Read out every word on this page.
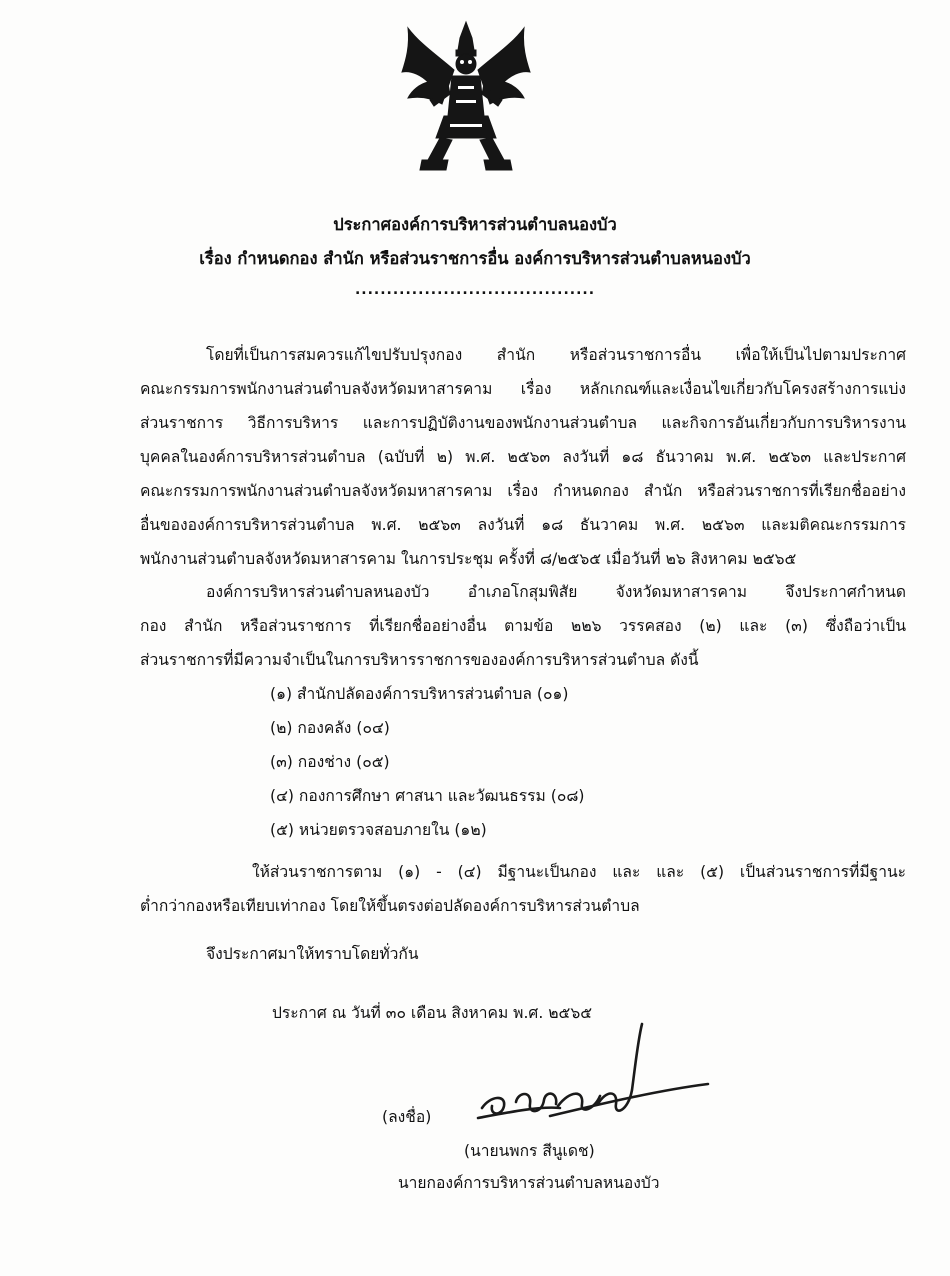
ประกาศองค์การบริหารส่วนตำบลนองบัว
เรื่อง กำหนดกอง สำนัก หรือส่วนราชการอื่น องค์การบริหารส่วนตำบลหนองบัว
......................................
โดยที่เป็นการสมควรแก้ไขปรับปรุงกอง สำนัก หรือส่วนราชการอื่น เพื่อให้เป็นไปตามประกาศ
คณะกรรมการพนักงานส่วนตำบลจังหวัดมหาสารคาม เรื่อง หลักเกณฑ์และเงื่อนไขเกี่ยวกับโครงสร้างการแบ่ง
ส่วนราชการ วิธีการบริหาร และการปฏิบัติงานของพนักงานส่วนตำบล และกิจการอันเกี่ยวกับการบริหารงาน
บุคคลในองค์การบริหารส่วนตำบล (ฉบับที่ ๒) พ.ศ. ๒๕๖๓ ลงวันที่ ๑๘ ธันวาคม พ.ศ. ๒๕๖๓ และประกาศ
คณะกรรมการพนักงานส่วนตำบลจังหวัดมหาสารคาม เรื่อง กำหนดกอง สำนัก หรือส่วนราชการที่เรียกชื่ออย่าง
อื่นขององค์การบริหารส่วนตำบล พ.ศ. ๒๕๖๓ ลงวันที่ ๑๘ ธันวาคม พ.ศ. ๒๕๖๓ และมติคณะกรรมการ
พนักงานส่วนตำบลจังหวัดมหาสารคาม ในการประชุม ครั้งที่ ๘/๒๕๖๕ เมื่อวันที่ ๒๖ สิงหาคม ๒๕๖๕
องค์การบริหารส่วนตำบลหนองบัว อำเภอโกสุมพิสัย จังหวัดมหาสารคาม จึงประกาศกำหนด
กอง สำนัก หรือส่วนราชการ ที่เรียกชื่ออย่างอื่น ตามข้อ ๒๒๖ วรรคสอง (๒) และ (๓) ซึ่งถือว่าเป็น
ส่วนราชการที่มีความจำเป็นในการบริหารราชการขององค์การบริหารส่วนตำบล ดังนี้
(๑) สำนักปลัดองค์การบริหารส่วนตำบล (๐๑)
(๒) กองคลัง (๐๔)
(๓) กองช่าง (๐๕)
(๔) กองการศึกษา ศาสนา และวัฒนธรรม (๐๘)
(๕) หน่วยตรวจสอบภายใน (๑๒)
ให้ส่วนราชการตาม (๑) - (๔) มีฐานะเป็นกอง และ และ (๕) เป็นส่วนราชการที่มีฐานะ
ต่ำกว่ากองหรือเทียบเท่ากอง โดยให้ขึ้นตรงต่อปลัดองค์การบริหารส่วนตำบล
จึงประกาศมาให้ทราบโดยทั่วกัน
ประกาศ ณ วันที่ ๓๐ เดือน สิงหาคม พ.ศ. ๒๕๖๕
(ลงชื่อ)
(นายนพกร สีนูเดช)
นายกองค์การบริหารส่วนตำบลหนองบัว
